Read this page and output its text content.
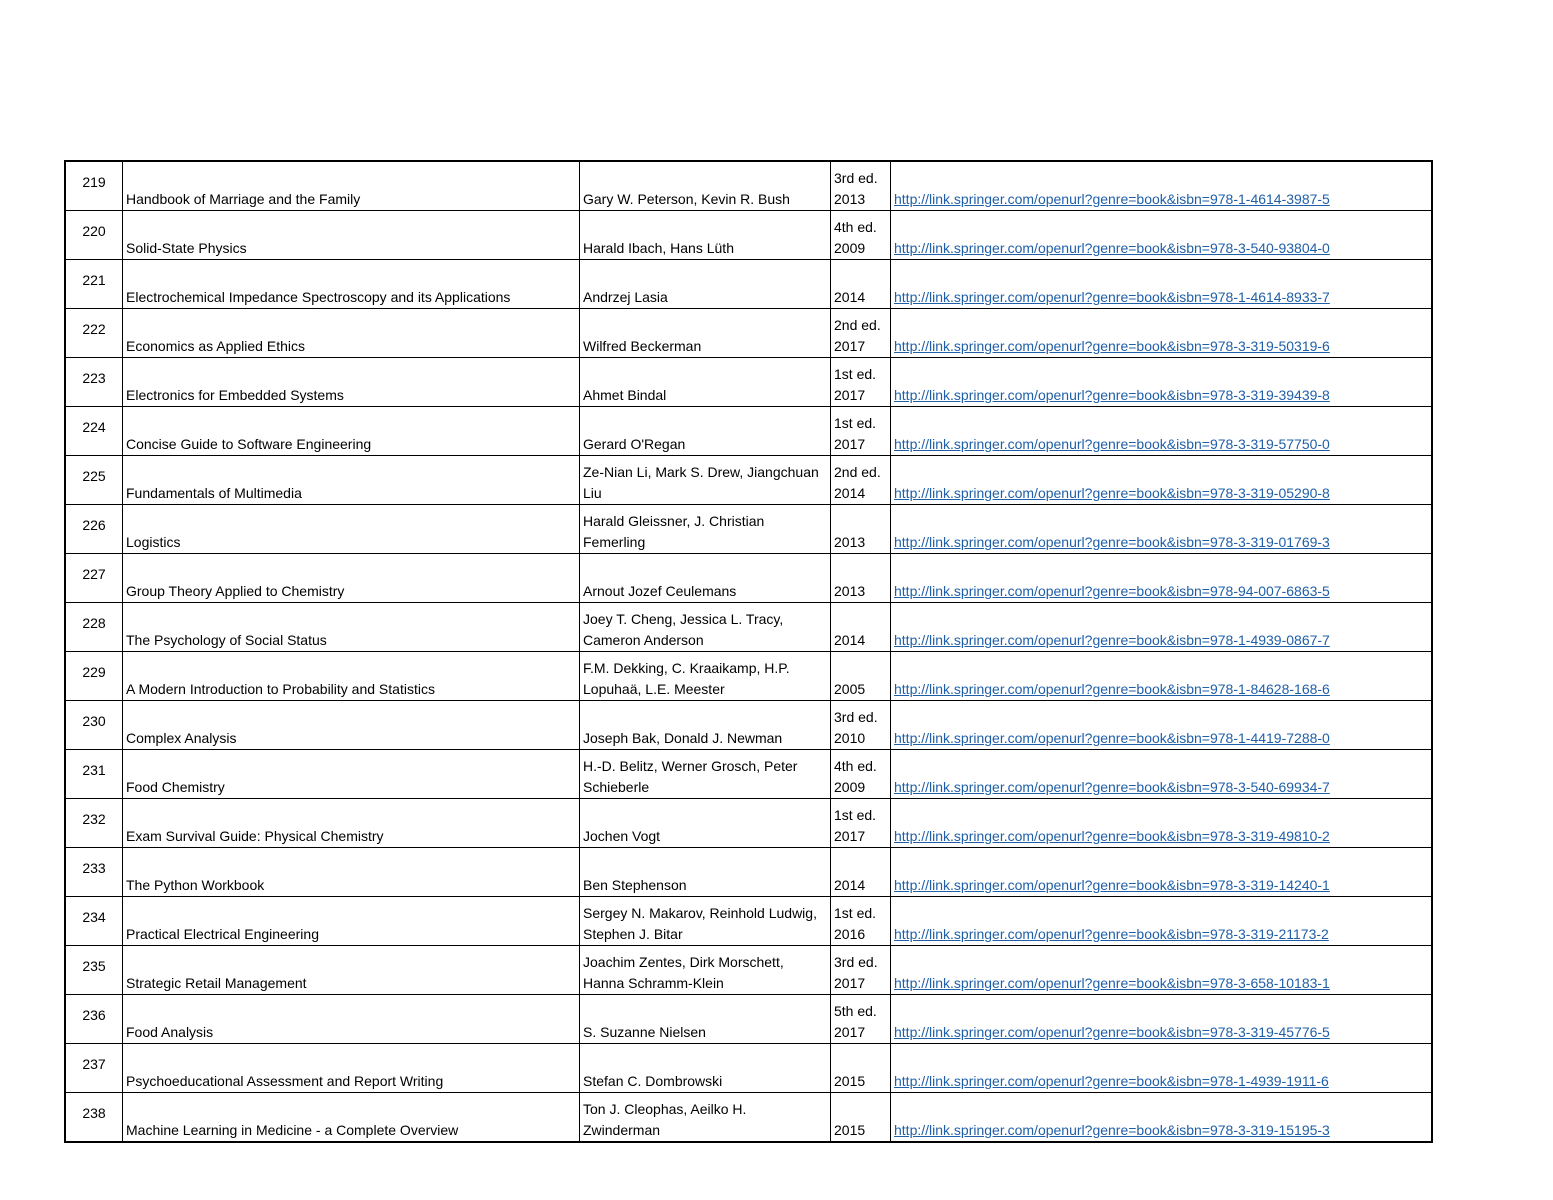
219	Handbook of Marriage and the Family	Gary W. Peterson, Kevin R. Bush	3rd ed.
2013	http://link.springer.com/openurl?genre=book&isbn=978-1-4614-3987-5
220	Solid-State Physics	Harald Ibach, Hans Lüth	4th ed.
2009	http://link.springer.com/openurl?genre=book&isbn=978-3-540-93804-0
221	Electrochemical Impedance Spectroscopy and its Applications	Andrzej Lasia	2014	http://link.springer.com/openurl?genre=book&isbn=978-1-4614-8933-7
222	Economics as Applied Ethics	Wilfred Beckerman	2nd ed.
2017	http://link.springer.com/openurl?genre=book&isbn=978-3-319-50319-6
223	Electronics for Embedded Systems	Ahmet Bindal	1st ed.
2017	http://link.springer.com/openurl?genre=book&isbn=978-3-319-39439-8
224	Concise Guide to Software Engineering	Gerard O'Regan	1st ed.
2017	http://link.springer.com/openurl?genre=book&isbn=978-3-319-57750-0
225	Fundamentals of Multimedia	Ze-Nian Li, Mark S. Drew, Jiangchuan Liu	2nd ed.
2014	http://link.springer.com/openurl?genre=book&isbn=978-3-319-05290-8
226	Logistics	Harald Gleissner, J. Christian Femerling	2013	http://link.springer.com/openurl?genre=book&isbn=978-3-319-01769-3
227	Group Theory Applied to Chemistry	Arnout Jozef Ceulemans	2013	http://link.springer.com/openurl?genre=book&isbn=978-94-007-6863-5
228	The Psychology of Social Status	Joey T. Cheng, Jessica L. Tracy, Cameron Anderson	2014	http://link.springer.com/openurl?genre=book&isbn=978-1-4939-0867-7
229	A Modern Introduction to Probability and Statistics	F.M. Dekking, C. Kraaikamp, H.P. Lopuhaä, L.E. Meester	2005	http://link.springer.com/openurl?genre=book&isbn=978-1-84628-168-6
230	Complex Analysis	Joseph Bak, Donald J. Newman	3rd ed.
2010	http://link.springer.com/openurl?genre=book&isbn=978-1-4419-7288-0
231	Food Chemistry	H.-D. Belitz, Werner Grosch, Peter Schieberle	4th ed.
2009	http://link.springer.com/openurl?genre=book&isbn=978-3-540-69934-7
232	Exam Survival Guide: Physical Chemistry	Jochen Vogt	1st ed.
2017	http://link.springer.com/openurl?genre=book&isbn=978-3-319-49810-2
233	The Python Workbook	Ben Stephenson	2014	http://link.springer.com/openurl?genre=book&isbn=978-3-319-14240-1
234	Practical Electrical Engineering	Sergey N. Makarov, Reinhold Ludwig, Stephen J. Bitar	1st ed.
2016	http://link.springer.com/openurl?genre=book&isbn=978-3-319-21173-2
235	Strategic Retail Management	Joachim Zentes, Dirk Morschett, Hanna Schramm-Klein	3rd ed.
2017	http://link.springer.com/openurl?genre=book&isbn=978-3-658-10183-1
236	Food Analysis	S. Suzanne Nielsen	5th ed.
2017	http://link.springer.com/openurl?genre=book&isbn=978-3-319-45776-5
237	Psychoeducational Assessment and Report Writing	Stefan C. Dombrowski	2015	http://link.springer.com/openurl?genre=book&isbn=978-1-4939-1911-6
238	Machine Learning in Medicine - a Complete Overview	Ton J. Cleophas, Aeilko H. Zwinderman	2015	http://link.springer.com/openurl?genre=book&isbn=978-3-319-15195-3
